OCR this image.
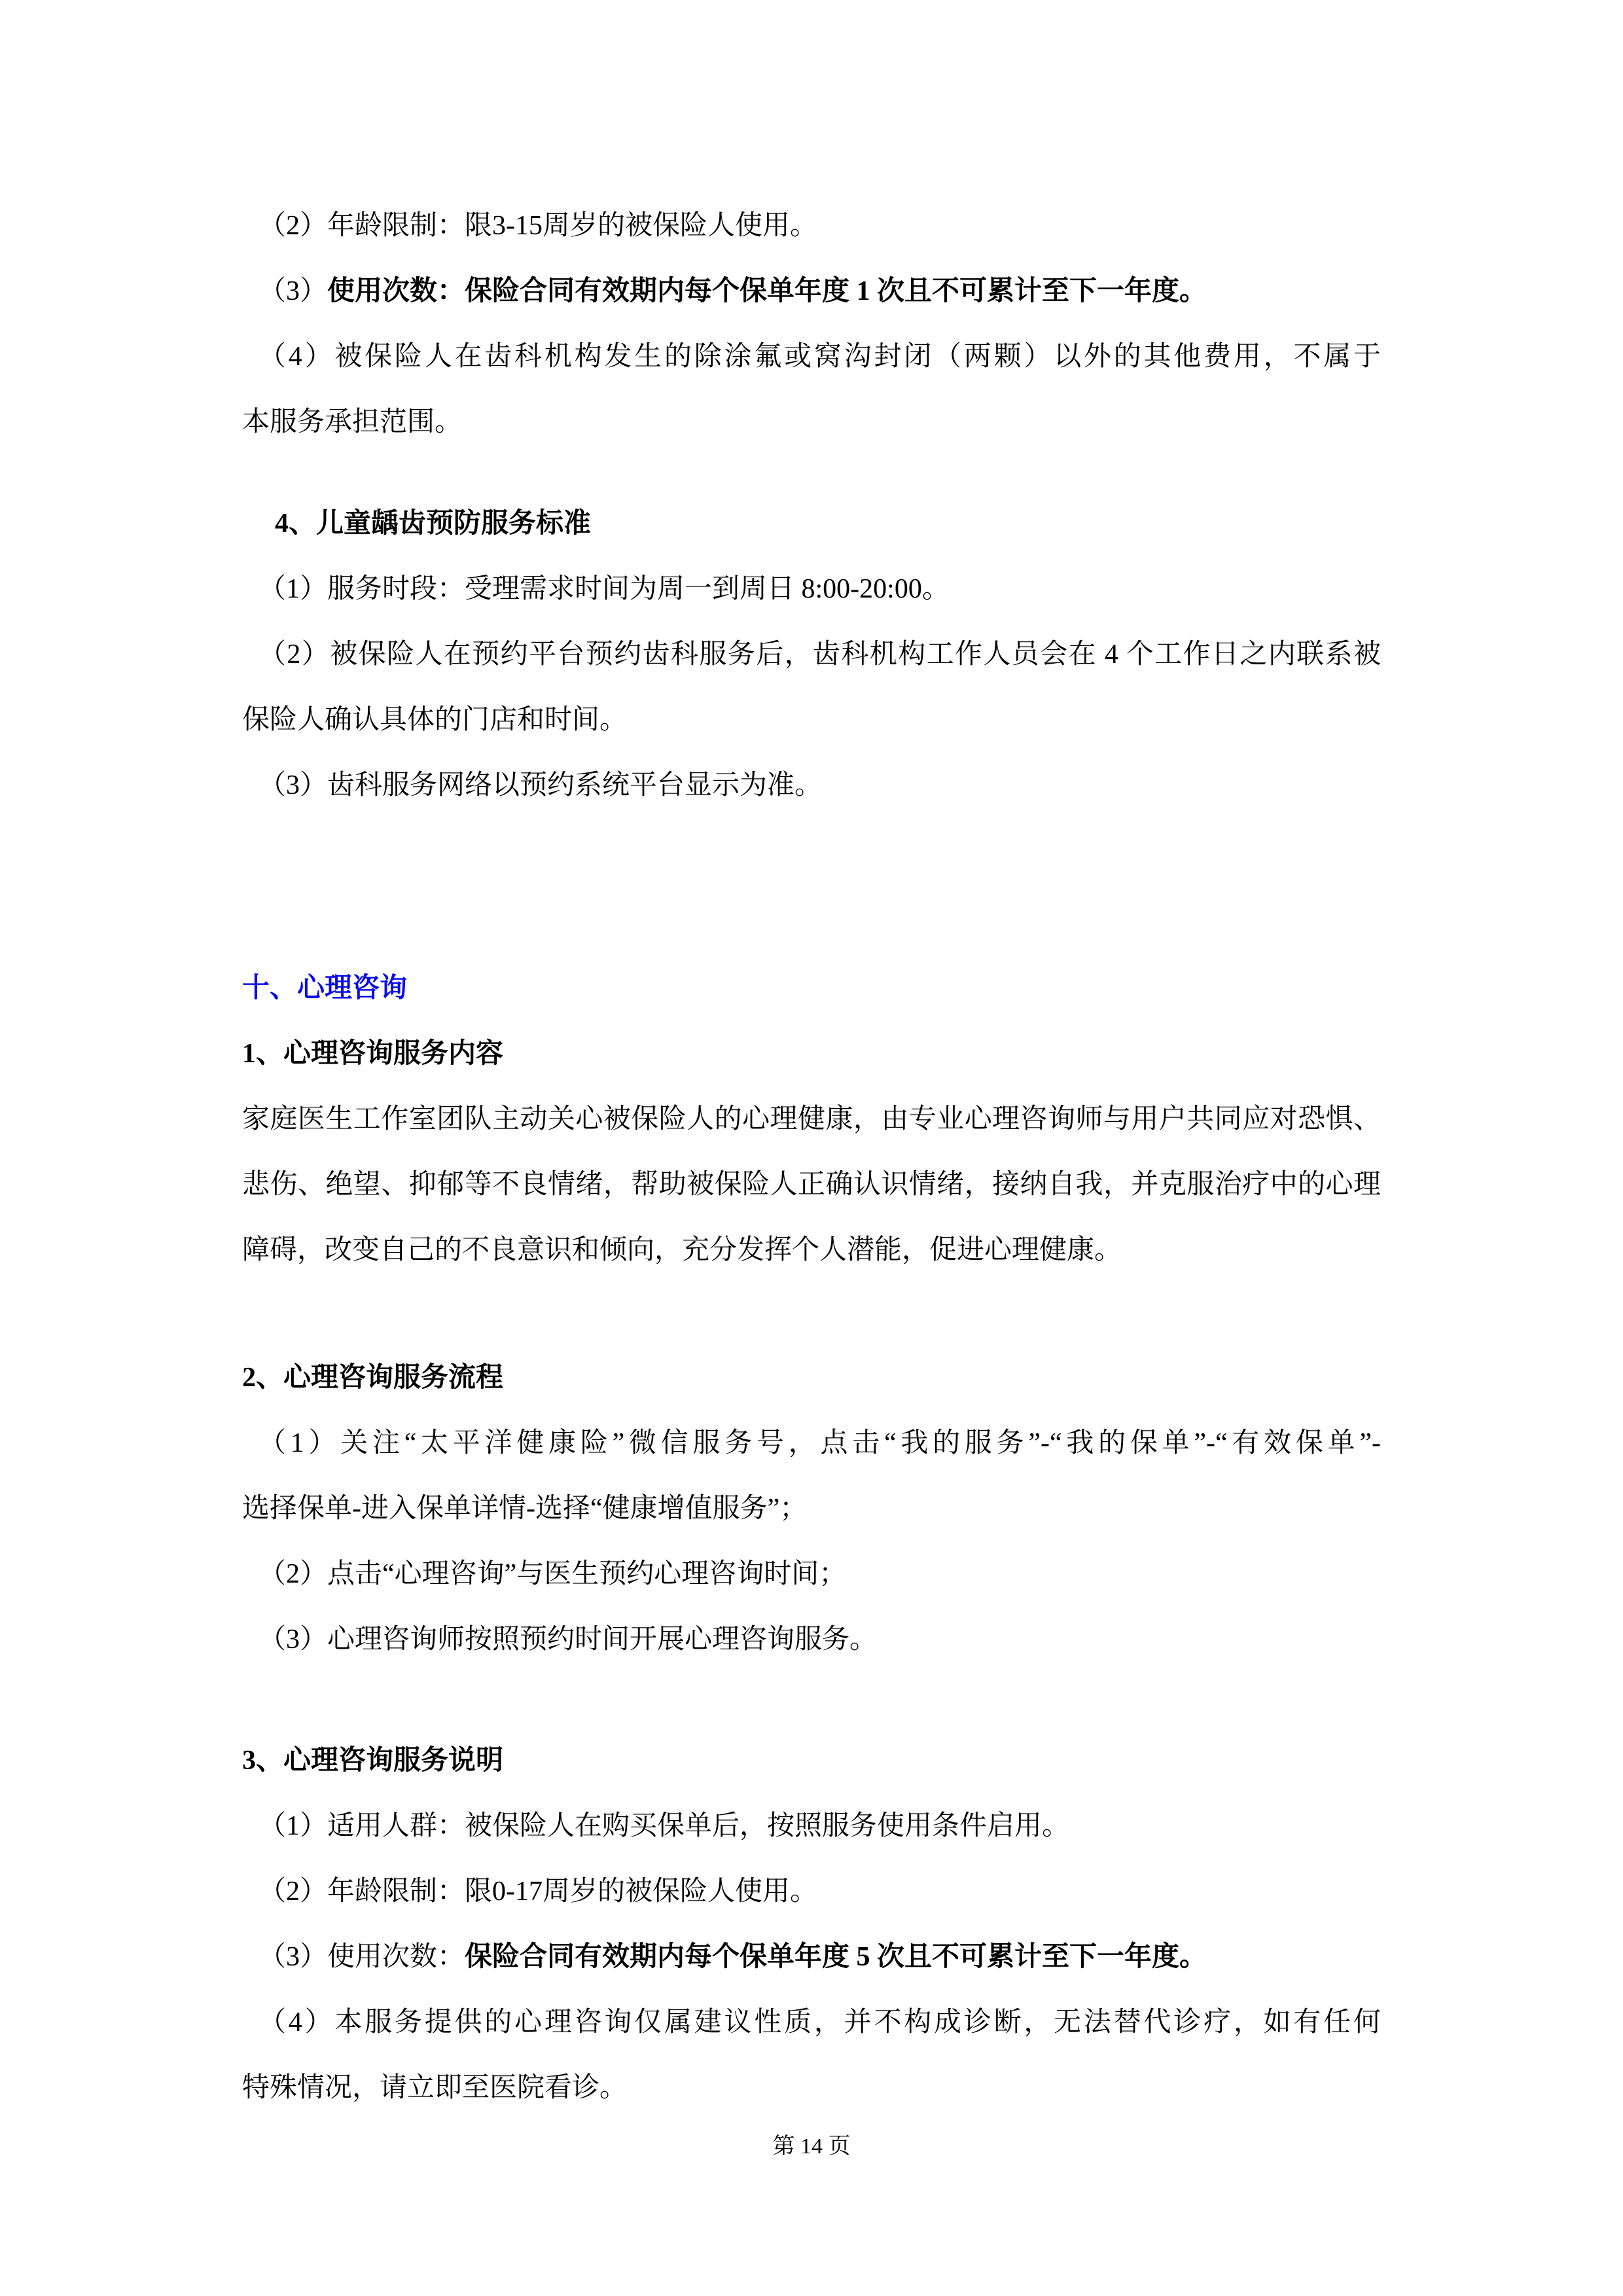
（2）年龄限制：限3-15周岁的被保险人使用。
（3）使用次数：保险合同有效期内每个保单年度 1 次且不可累计至下一年度。
（4）被保险人在齿科机构发生的除涂氟或窝沟封闭（两颗）以外的其他费用，不属于
本服务承担范围。
4、儿童龋齿预防服务标准
（1）服务时段：受理需求时间为周一到周日 8:00-20:00。
（2）被保险人在预约平台预约齿科服务后，齿科机构工作人员会在 4 个工作日之内联系被
保险人确认具体的门店和时间。
（3）齿科服务网络以预约系统平台显示为准。
十、心理咨询
1、心理咨询服务内容
家庭医生工作室团队主动关心被保险人的心理健康，由专业心理咨询师与用户共同应对恐惧、
悲伤、绝望、抑郁等不良情绪，帮助被保险人正确认识情绪，接纳自我，并克服治疗中的心理
障碍，改变自己的不良意识和倾向，充分发挥个人潜能，促进心理健康。
2、心理咨询服务流程
（1）关注“太平洋健康险”微信服务号，点击“我的服务”-“我的保单”-“有效保单”-
选择保单-进入保单详情-选择“健康增值服务”；
（2）点击“心理咨询”与医生预约心理咨询时间；
（3）心理咨询师按照预约时间开展心理咨询服务。
3、心理咨询服务说明
（1）适用人群：被保险人在购买保单后，按照服务使用条件启用。
（2）年龄限制：限0-17周岁的被保险人使用。
（3）使用次数：保险合同有效期内每个保单年度 5 次且不可累计至下一年度。
（4）本服务提供的心理咨询仅属建议性质，并不构成诊断，无法替代诊疗，如有任何
特殊情况，请立即至医院看诊。
第 14 页
